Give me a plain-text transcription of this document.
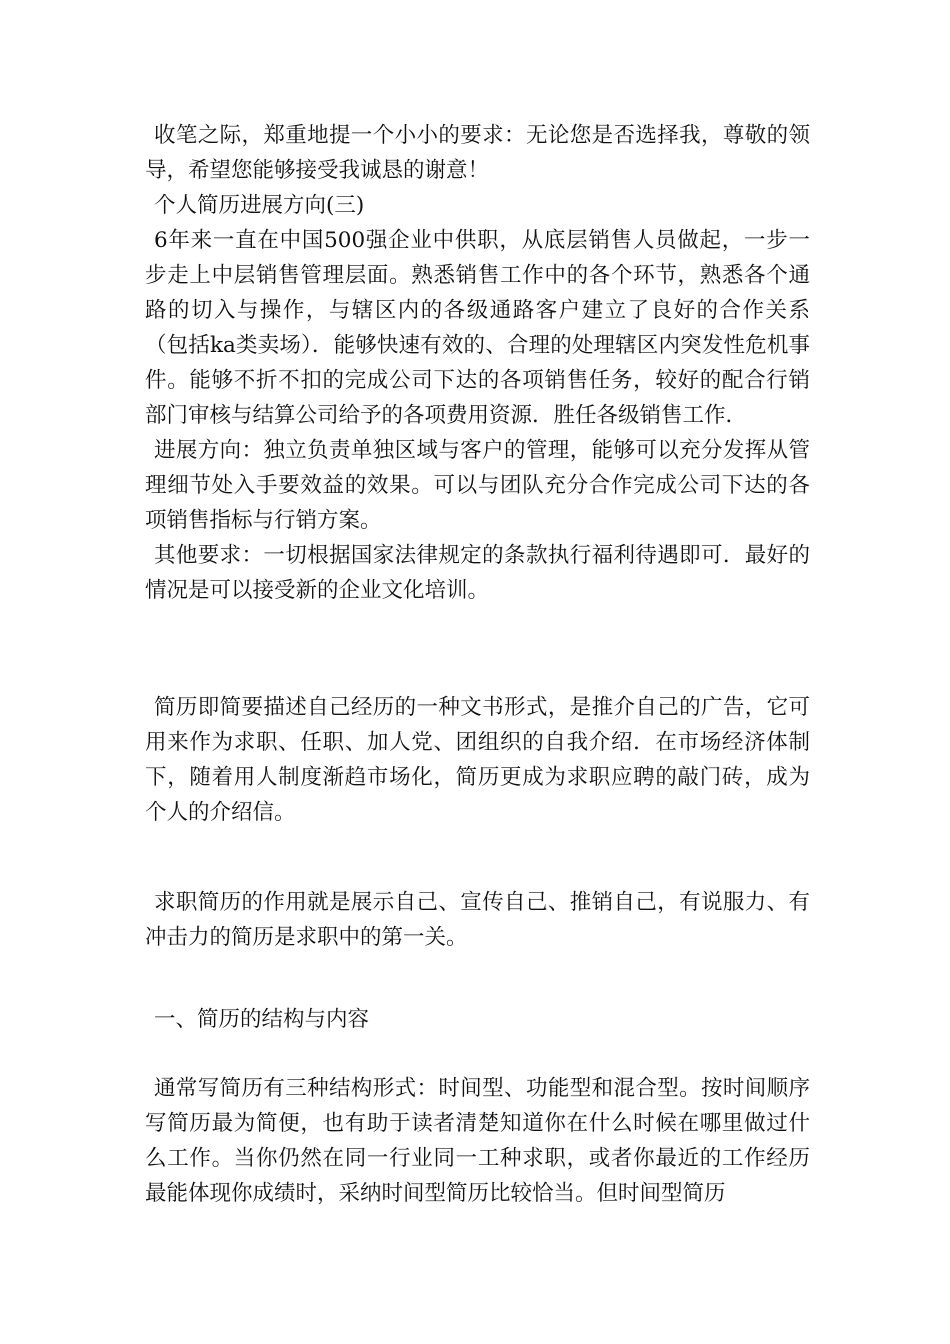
收笔之际，郑重地提一个小小的要求：无论您是否选择我，尊敬的领导，希望您能够接受我诚恳的谢意！

个人简历进展方向(三)

6年来一直在中国500强企业中供职，从底层销售人员做起，一步一步走上中层销售管理层面。熟悉销售工作中的各个环节，熟悉各个通路的切入与操作，与辖区内的各级通路客户建立了良好的合作关系（包括ka类卖场）．能够快速有效的、合理的处理辖区内突发性危机事件。能够不折不扣的完成公司下达的各项销售任务，较好的配合行销部门审核与结算公司给予的各项费用资源．胜任各级销售工作．

进展方向：独立负责单独区域与客户的管理，能够可以充分发挥从管理细节处入手要效益的效果。可以与团队充分合作完成公司下达的各项销售指标与行销方案。

其他要求：一切根据国家法律规定的条款执行福利待遇即可．最好的情况是可以接受新的企业文化培训。

简历即简要描述自己经历的一种文书形式，是推介自己的广告，它可用来作为求职、任职、加人党、团组织的自我介绍．在市场经济体制下，随着用人制度渐趋市场化，简历更成为求职应聘的敲门砖，成为个人的介绍信。

求职简历的作用就是展示自己、宣传自己、推销自己，有说服力、有冲击力的简历是求职中的第一关。

一、简历的结构与内容

通常写简历有三种结构形式：时间型、功能型和混合型。按时间顺序写简历最为简便，也有助于读者清楚知道你在什么时候在哪里做过什么工作。当你仍然在同一行业同一工种求职，或者你最近的工作经历最能体现你成绩时，采纳时间型简历比较恰当。但时间型简历
